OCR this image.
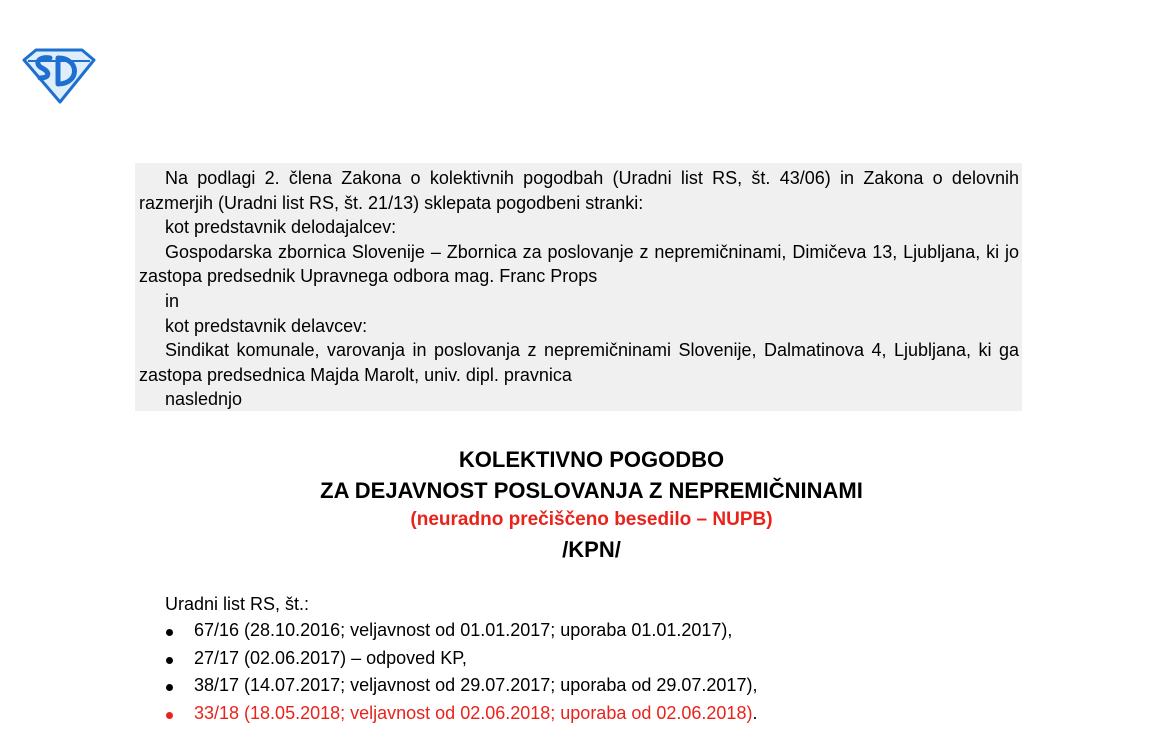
Na podlagi 2. člena Zakona o kolektivnih pogodbah (Uradni list RS, št. 43/06) in Zakona o delovnih razmerjih (Uradni list RS, št. 21/13) sklepata pogodbeni stranki:

kot predstavnik delodajalcev:

Gospodarska zbornica Slovenije – Zbornica za poslovanje z nepremičninami, Dimičeva 13, Ljubljana, ki jo zastopa predsednik Upravnega odbora mag. Franc Props

in

kot predstavnik delavcev:

Sindikat komunale, varovanja in poslovanja z nepremičninami Slovenije, Dalmatinova 4, Ljubljana, ki ga zastopa predsednica Majda Marolt, univ. dipl. pravnica

naslednjo

KOLEKTIVNO POGODBO
ZA DEJAVNOST POSLOVANJA Z NEPREMIČNINAMI
(neuradno prečiščeno besedilo – NUPB)
/KPN/
Uradni list RS, št.:
67/16 (28.10.2016; veljavnost od 01.01.2017; uporaba 01.01.2017),
27/17 (02.06.2017) – odpoved KP,
38/17 (14.07.2017; veljavnost od 29.07.2017; uporaba od 29.07.2017),
33/18 (18.05.2018; veljavnost od 02.06.2018; uporaba od 02.06.2018).
